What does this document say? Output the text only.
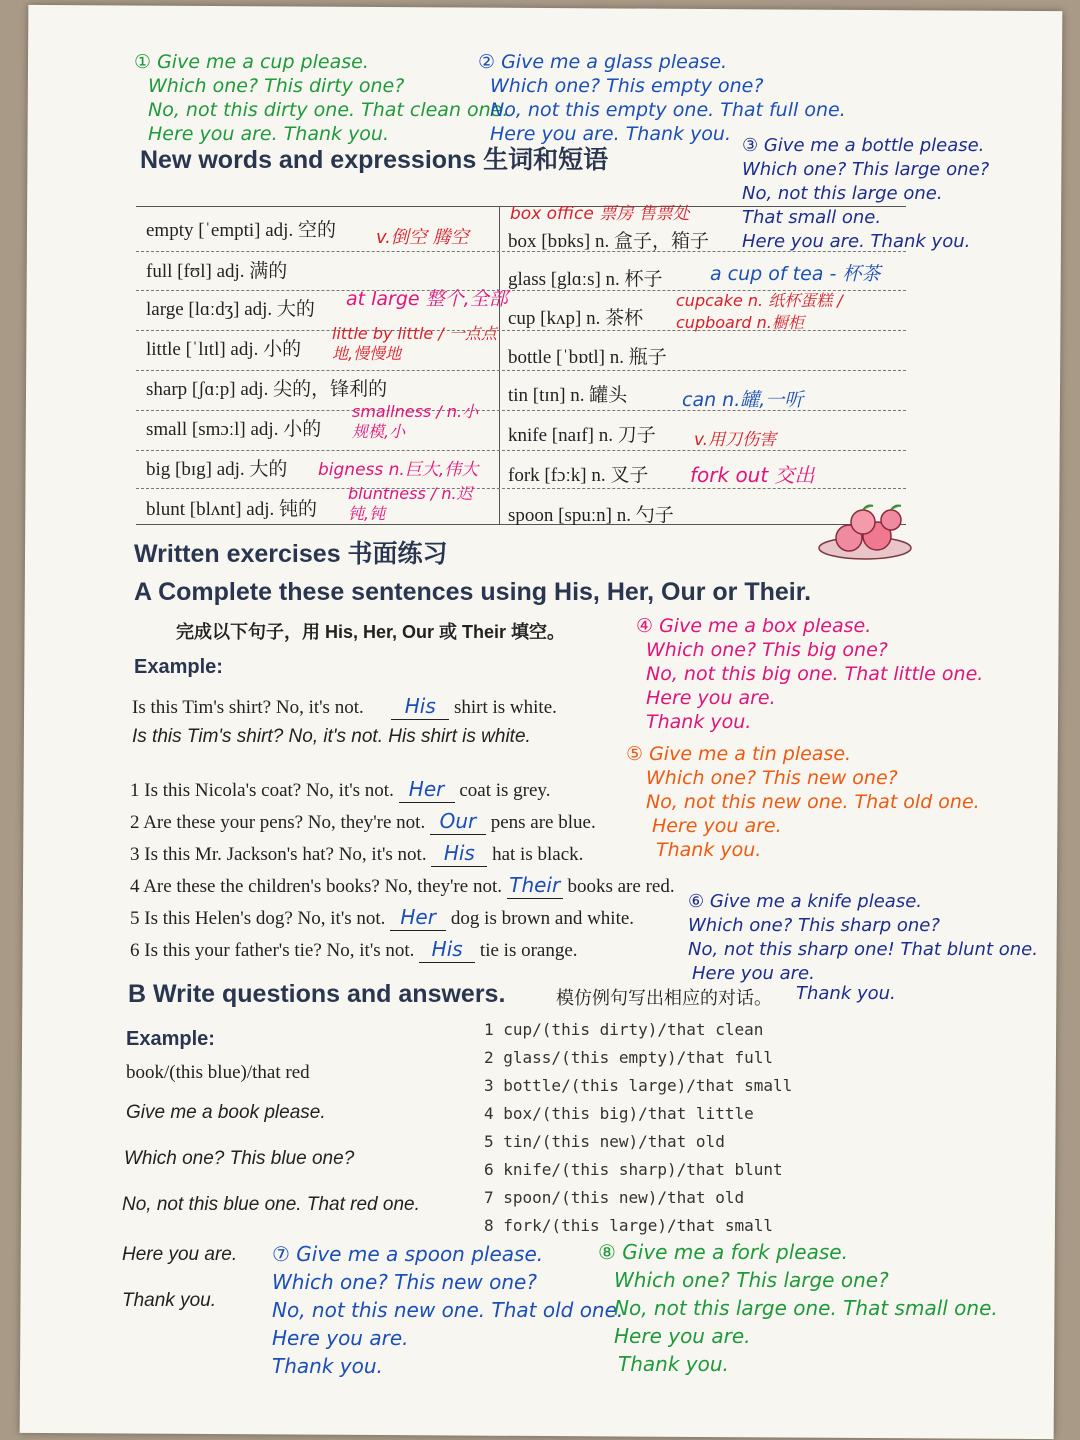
① Give me a cup please.
Which one? This dirty one?
No, not this dirty one. That clean one.
Here you are. Thank you.
② Give me a glass please.
Which one? This empty one?
No, not this empty one. That full one.
Here you are. Thank you.
③ Give me a bottle please.
Which one? This large one?
No, not this large one.
That small one.
Here you are. Thank you.
New words and expressions 生词和短语
empty [ˈempti] adj. 空的 v.倒空 腾空
full [fʊl] adj. 满的
large [lɑːdʒ] adj. 大的 at large 整个,全部
little [ˈlɪtl] adj. 小的
little by little / 一点点地,慢慢地
sharp [ʃɑːp] adj. 尖的，锋利的
small [smɔːl] adj. 小的
smallness / n.小规模,小
big [bɪg] adj. 大的 bigness n.巨大,伟大
blunt [blʌnt] adj. 钝的
bluntness / n.迟钝,钝
box office 票房 售票处
box [bɒks] n. 盒子，箱子
glass [glɑːs] n. 杯子 a cup of tea - 杯茶
cup [kʌp] n. 茶杯
cupcake n. 纸杯蛋糕 / cupboard n.橱柜
bottle [ˈbɒtl] n. 瓶子
tin [tɪn] n. 罐头	can n.罐,一听
knife [naɪf] n. 刀子 v.用刀伤害
fork [fɔːk] n. 叉子 fork out 交出
spoon [spuːn] n. 勺子
Written exercises 书面练习
A Complete these sentences using His, Her, Our or Their.
完成以下句子，用 His, Her, Our 或 Their 填空。
Example:
Is this Tim's shirt? No, it's not. His shirt is white.
Is this Tim's shirt? No, it's not. His shirt is white.
1 Is this Nicola's coat? No, it's not. Her coat is grey.
2 Are these your pens? No, they're not. Our pens are blue.
3 Is this Mr. Jackson's hat? No, it's not. His hat is black.
4 Are these the children's books? No, they're not. Their books are red.
5 Is this Helen's dog? No, it's not. Her dog is brown and white.
6 Is this your father's tie? No, it's not. His tie is orange.
④ Give me a box please.
Which one? This big one?
No, not this big one. That little one.
Here you are.
Thank you.
⑤ Give me a tin please.
Which one? This new one?
No, not this new one. That old one.
Here you are.
Thank you.
⑥ Give me a knife please.
Which one? This sharp one?
No, not this sharp one! That blunt one.
Here you are.
Thank you.
B Write questions and answers.	模仿例句写出相应的对话。
Example:
book/(this blue)/that red
Give me a book please.
Which one? This blue one?
No, not this blue one. That red one.
Here you are.
Thank you.
1 cup/(this dirty)/that clean
2 glass/(this empty)/that full
3 bottle/(this large)/that small
4 box/(this big)/that little
5 tin/(this new)/that old
6 knife/(this sharp)/that blunt
7 spoon/(this new)/that old
8 fork/(this large)/that small
⑦ Give me a spoon please.
Which one? This new one?
No, not this new one. That old one.
Here you are.
Thank you.
⑧ Give me a fork please.
Which one? This large one?
No, not this large one. That small one.
Here you are.
Thank you.
